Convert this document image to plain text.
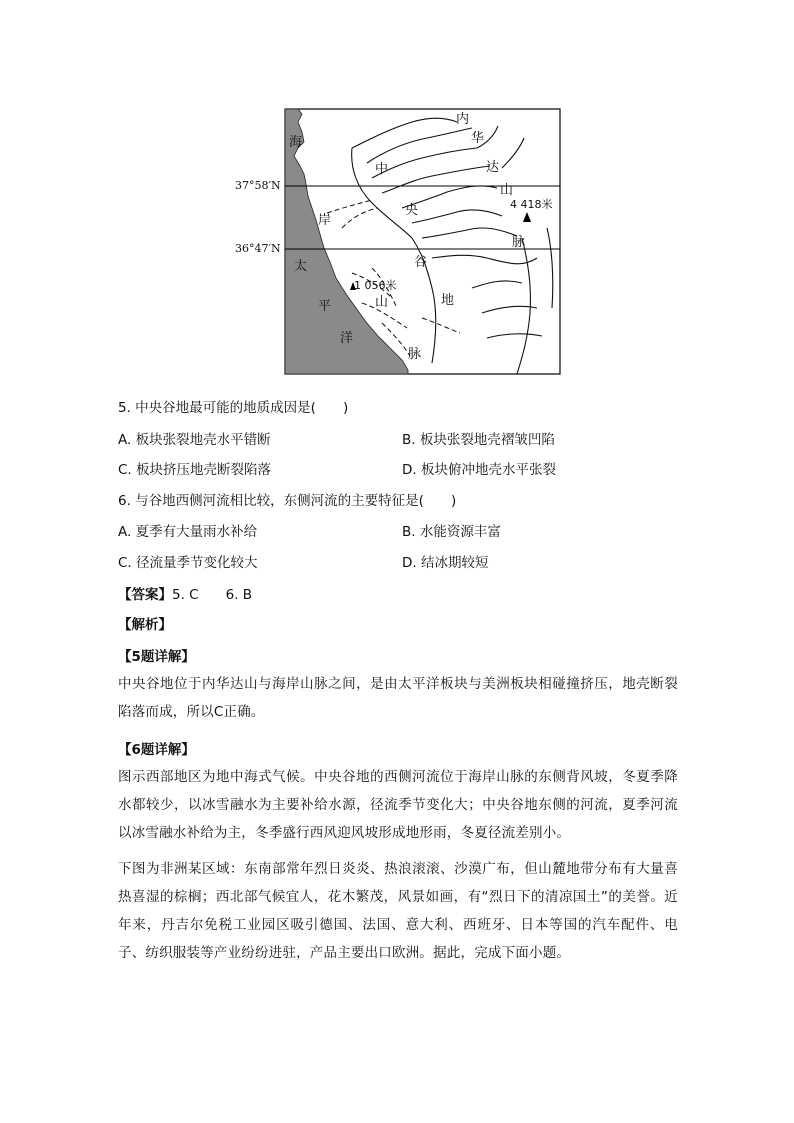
37°58′N
36°47′N
海
岸
太
平
洋
内
华
达
山
脉
中
央
谷
地
山
脉
4 418米
1 056米
5. 中央谷地最可能的地质成因是(　　)
A. 板块张裂地壳水平错断	B. 板块张裂地壳褶皱凹陷
C. 板块挤压地壳断裂陷落	D. 板块俯冲地壳水平张裂
6. 与谷地西侧河流相比较，东侧河流的主要特征是(　　)
A. 夏季有大量雨水补给	B. 水能资源丰富
C. 径流量季节变化较大	D. 结冰期较短
【答案】5. C　　6. B
【解析】
【5题详解】

中央谷地位于内华达山与海岸山脉之间，是由太平洋板块与美洲板块相碰撞挤压，地壳断裂陷落而成，所以C正确。

【6题详解】

图示西部地区为地中海式气候。中央谷地的西侧河流位于海岸山脉的东侧背风坡，冬夏季降水都较少，以冰雪融水为主要补给水源，径流季节变化大；中央谷地东侧的河流，夏季河流以冰雪融水补给为主，冬季盛行西风迎风坡形成地形雨，冬夏径流差别小。

下图为非洲某区域：东南部常年烈日炎炎、热浪滚滚、沙漠广布，但山麓地带分布有大量喜热喜湿的棕榈；西北部气候宜人，花木繁茂，风景如画，有“烈日下的清凉国土”的美誉。近年来，丹吉尔免税工业园区吸引德国、法国、意大利、西班牙、日本等国的汽车配件、电子、纺织服装等产业纷纷进驻，产品主要出口欧洲。据此，完成下面小题。
